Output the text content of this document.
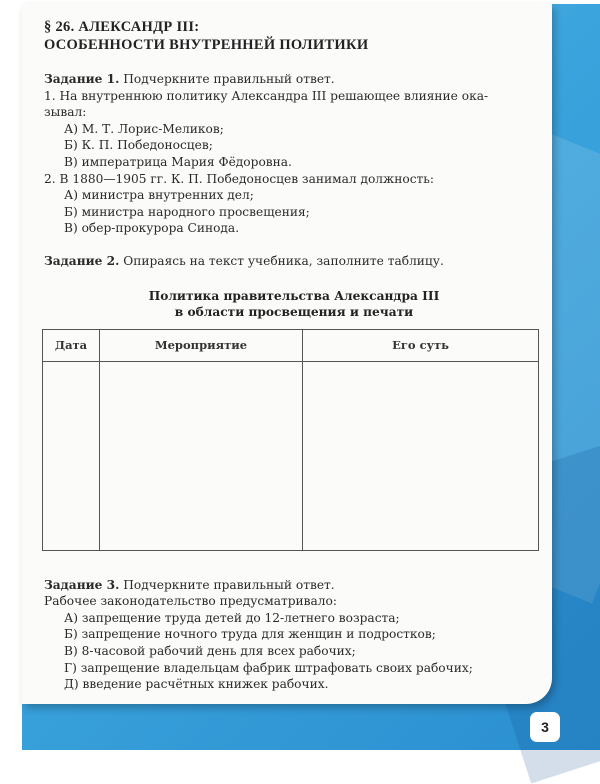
§ 26. АЛЕКСАНДР III:
ОСОБЕННОСТИ ВНУТРЕННЕЙ ПОЛИТИКИ
Задание 1. Подчеркните правильный ответ.
1. На внутреннюю политику Александра III решающее влияние ока-
зывал:
А) М. Т. Лорис-Меликов;
Б) К. П. Победоносцев;
В) императрица Мария Фёдоровна.
2. В 1880—1905 гг. К. П. Победоносцев занимал должность:
А) министра внутренних дел;
Б) министра народного просвещения;
В) обер-прокурора Синода.
Задание 2. Опираясь на текст учебника, заполните таблицу.
Политика правительства Александра III
в области просвещения и печати
Дата	Мероприятие	Его суть

Задание 3. Подчеркните правильный ответ.
Рабочее законодательство предусматривало:
А) запрещение труда детей до 12-летнего возраста;
Б) запрещение ночного труда для женщин и подростков;
В) 8-часовой рабочий день для всех рабочих;
Г) запрещение владельцам фабрик штрафовать своих рабочих;
Д) введение расчётных книжек рабочих.
3
